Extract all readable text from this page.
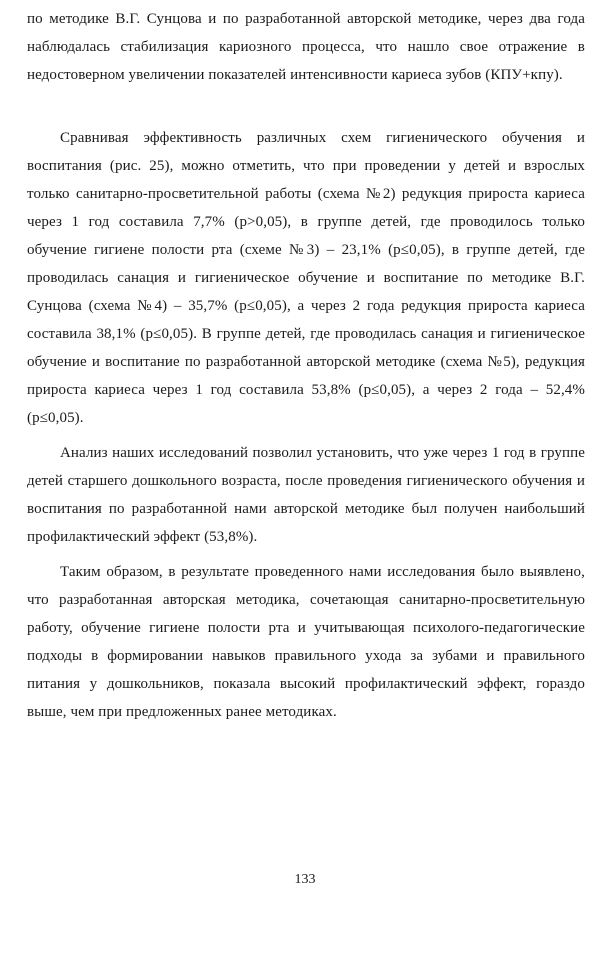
по методике В.Г. Сунцова и по разработанной авторской методике, через два года наблюдалась стабилизация кариозного процесса, что нашло свое отражение в недостоверном увеличении показателей интенсивности кариеса зубов (КПУ+кпу).

Сравнивая эффективность различных схем гигиенического обучения и воспитания (рис. 25), можно отметить, что при проведении у детей и взрослых только санитарно-просветительной работы (схема №2) редукция прироста кариеса через 1 год составила 7,7% (р>0,05), в группе детей, где проводилось только обучение гигиене полости рта (схеме №3) – 23,1% (р≤0,05), в группе детей, где проводилась санация и гигиеническое обучение и воспитание по методике В.Г. Сунцова (схема №4) – 35,7% (р≤0,05), а через 2 года редукция прироста кариеса составила 38,1% (р≤0,05). В группе детей, где проводилась санация и гигиеническое обучение и воспитание по разработанной авторской методике (схема №5), редукция прироста кариеса через 1 год составила 53,8% (р≤0,05), а через 2 года – 52,4% (р≤0,05).

Анализ наших исследований позволил установить, что уже через 1 год в группе детей старшего дошкольного возраста, после проведения гигиенического обучения и воспитания по разработанной нами авторской методике был получен наибольший профилактический эффект (53,8%).

Таким образом, в результате проведенного нами исследования было выявлено, что разработанная авторская методика, сочетающая санитарно-просветительную работу, обучение гигиене полости рта и учитывающая психолого-педагогические подходы в формировании навыков правильного ухода за зубами и правильного питания у дошкольников, показала высокий профилактический эффект, гораздо выше, чем при предложенных ранее методиках.

133
